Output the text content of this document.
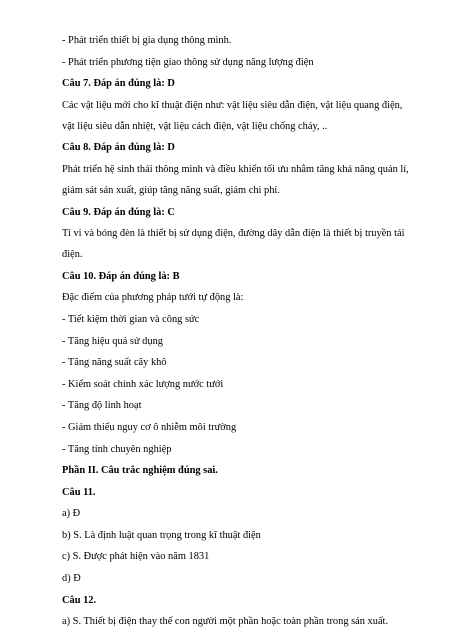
- Phát triển thiết bị gia dụng thông minh.
- Phát triển phương tiện giao thông sử dụng năng lượng điện
Câu 7. Đáp án đúng là: D
Các vật liệu mới cho kĩ thuật điện như: vật liệu siêu dẫn điện, vật liệu quang điện,
vật liệu siêu dẫn nhiệt, vật liệu cách điện, vật liệu chống cháy, ..
Câu 8. Đáp án đúng là: D
Phát triển hệ sinh thái thông minh và điều khiển tối ưu nhằm tăng khả năng quản lí,
giám sát sản xuất, giúp tăng năng suất, giảm chi phí.
Câu 9. Đáp án đúng là: C
Ti vi và bóng đèn là thiết bị sử dụng điện, đường dây dẫn điện là thiết bị truyền tải
điện.
Câu 10. Đáp án đúng là: B
Đặc điểm của phương pháp tưới tự động là:
- Tiết kiệm thời gian và công sức
- Tăng hiệu quả sử dụng
- Tăng năng suất cây khô
- Kiểm soát chính xác lượng nước tưới
- Tăng độ linh hoạt
- Giảm thiểu nguy cơ ô nhiễm môi trường
- Tăng tính chuyên nghiệp
Phần II. Câu trắc nghiệm đúng sai.
Câu 11.
a) Đ
b) S. Là định luật quan trọng trong kĩ thuật điện
c) S. Được phát hiện vào năm 1831
d) Đ
Câu 12.
a) S. Thiết bị điện thay thế con người một phần hoặc toàn phần trong sản xuất.
